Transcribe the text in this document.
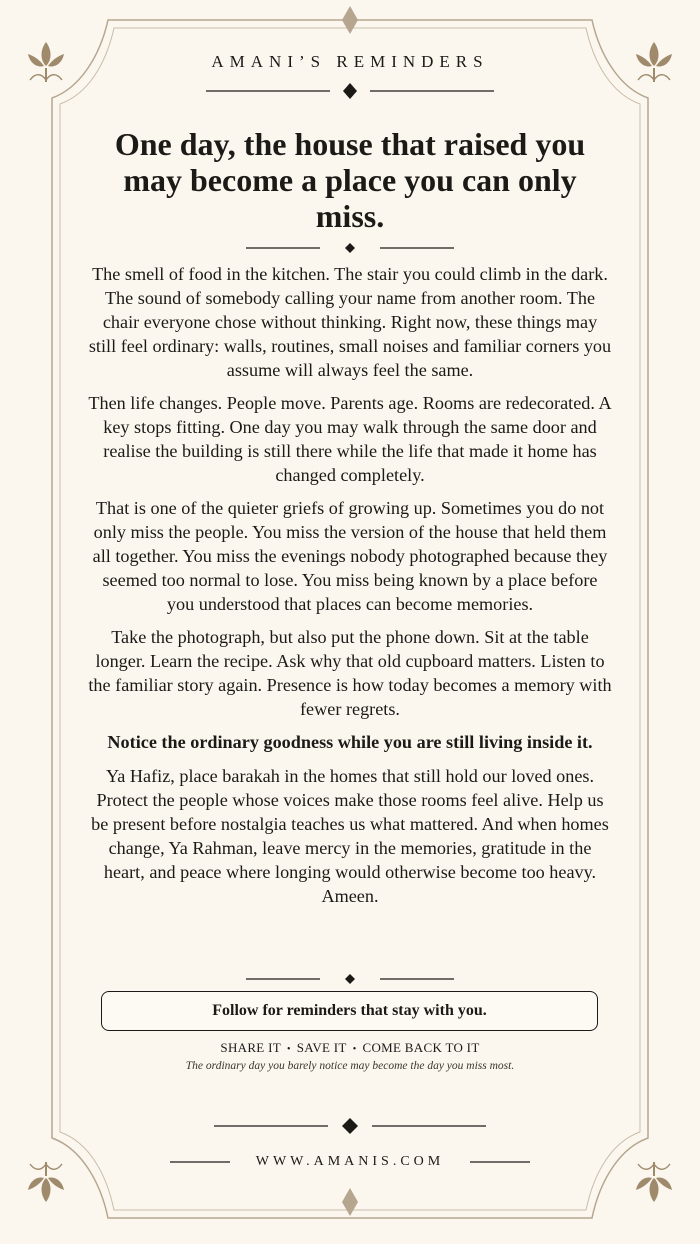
AMANI’S REMINDERS
One day, the house that raised you may become a place you can only miss.

The smell of food in the kitchen. The stair you could climb in the dark. The sound of somebody calling your name from another room. The chair everyone chose without thinking. Right now, these things may still feel ordinary: walls, routines, small noises and familiar corners you assume will always feel the same.

Then life changes. People move. Parents age. Rooms are redecorated. A key stops fitting. One day you may walk through the same door and realise the building is still there while the life that made it home has changed completely.

That is one of the quieter griefs of growing up. Sometimes you do not only miss the people. You miss the version of the house that held them all together. You miss the evenings nobody photographed because they seemed too normal to lose. You miss being known by a place before you understood that places can become memories.

Take the photograph, but also put the phone down. Sit at the table longer. Learn the recipe. Ask why that old cupboard matters. Listen to the familiar story again. Presence is how today becomes a memory with fewer regrets.

Notice the ordinary goodness while you are still living inside it.

Ya Hafiz, place barakah in the homes that still hold our loved ones. Protect the people whose voices make those rooms feel alive. Help us be present before nostalgia teaches us what mattered. And when homes change, Ya Rahman, leave mercy in the memories, gratitude in the heart, and peace where longing would otherwise become too heavy. Ameen.

Follow for reminders that stay with you.
SHARE IT • SAVE IT • COME BACK TO IT
The ordinary day you barely notice may become the day you miss most.
WWW.AMANIS.COM
